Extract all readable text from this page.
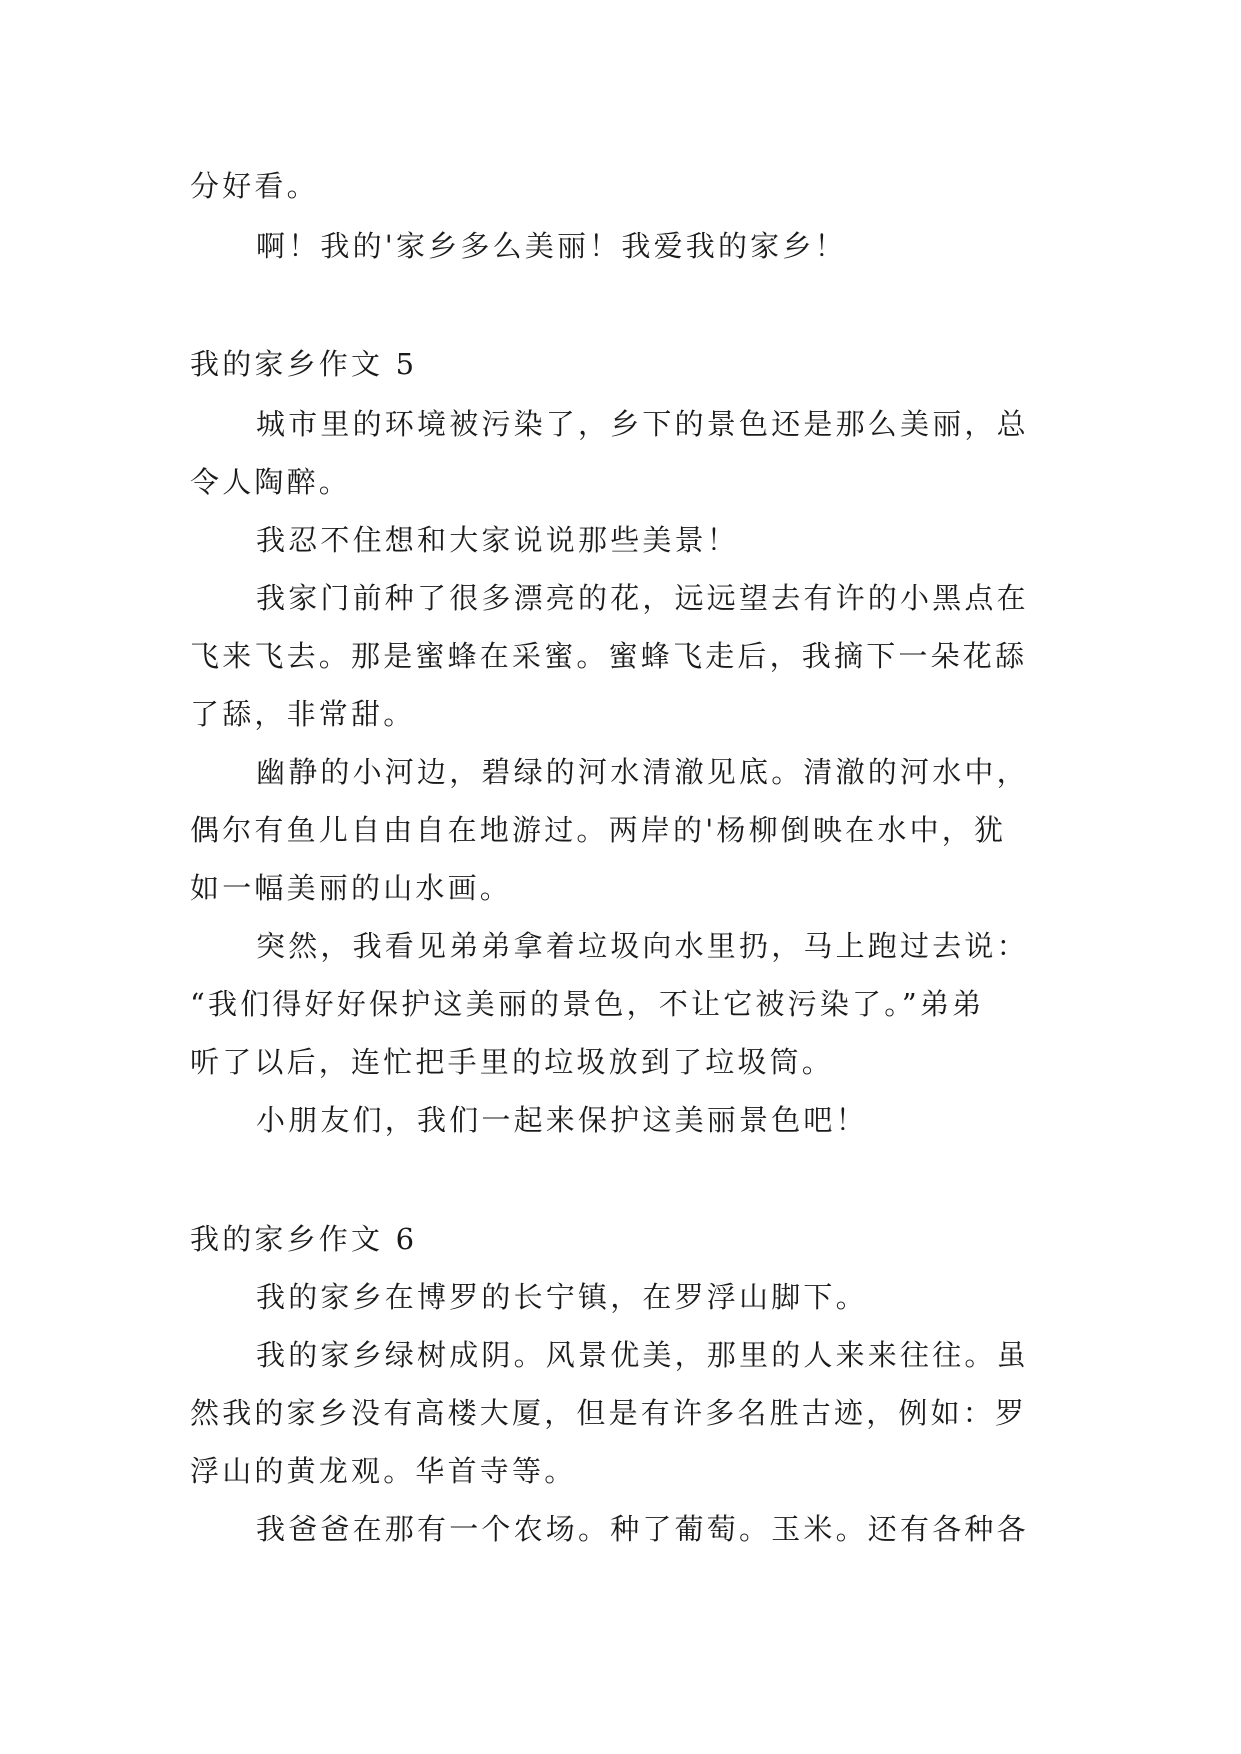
分好看。
啊！我的'家乡多么美丽！我爱我的家乡！
我的家乡作文 5
城市里的环境被污染了，乡下的景色还是那么美丽，总
令人陶醉。
我忍不住想和大家说说那些美景！
我家门前种了很多漂亮的花，远远望去有许的小黑点在
飞来飞去。那是蜜蜂在采蜜。蜜蜂飞走后，我摘下一朵花舔
了舔，非常甜。
幽静的小河边，碧绿的河水清澈见底。清澈的河水中，
偶尔有鱼儿自由自在地游过。两岸的'杨柳倒映在水中，犹
如一幅美丽的山水画。
突然，我看见弟弟拿着垃圾向水里扔，马上跑过去说：
“我们得好好保护这美丽的景色，不让它被污染了。”弟弟
听了以后，连忙把手里的垃圾放到了垃圾筒。
小朋友们，我们一起来保护这美丽景色吧！
我的家乡作文 6
我的家乡在博罗的长宁镇，在罗浮山脚下。
我的家乡绿树成阴。风景优美，那里的人来来往往。虽
然我的家乡没有高楼大厦，但是有许多名胜古迹，例如：罗
浮山的黄龙观。华首寺等。
我爸爸在那有一个农场。种了葡萄。玉米。还有各种各
